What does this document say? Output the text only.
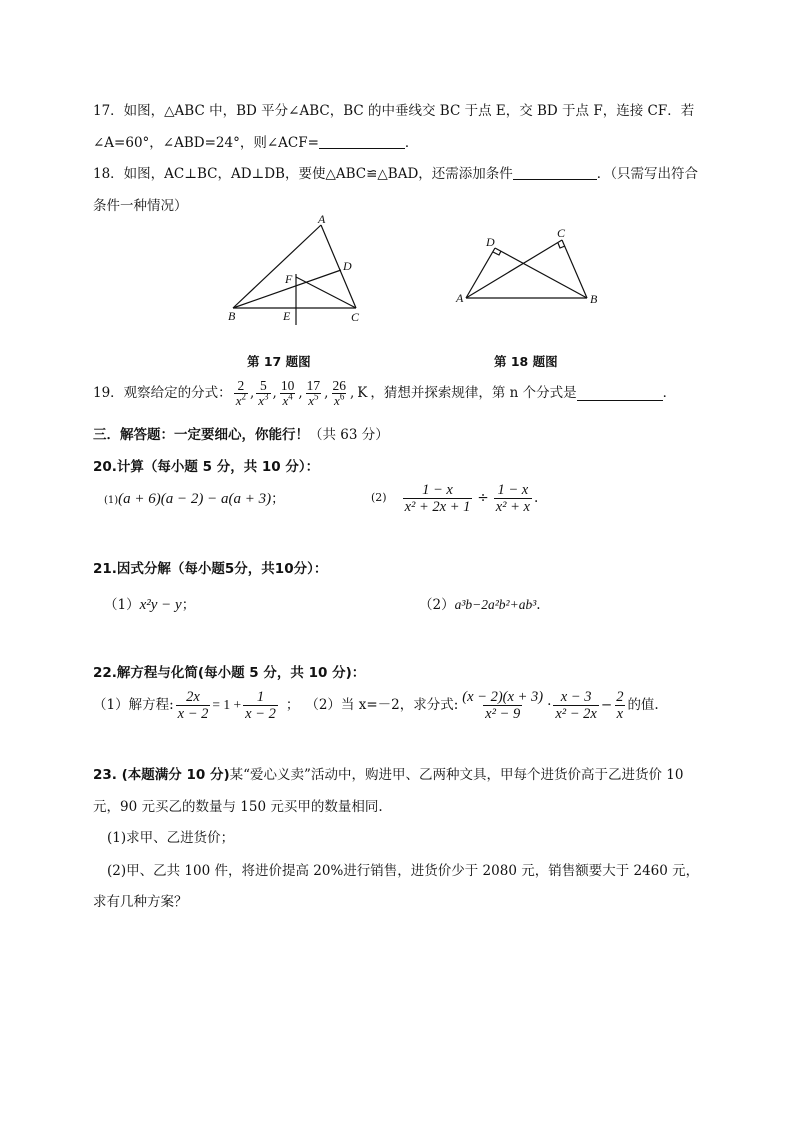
17．如图，△ABC 中，BD 平分∠ABC，BC 的中垂线交 BC 于点 E，交 BD 于点 F，连接 CF．若
∠A=60°，∠ABD=24°，则∠ACF=	．
18．如图，AC⊥BC，AD⊥DB，要使△ABC≌△BAD，还需添加条件	．（只需写出符合
条件一种情况）
A
B	C
D
E
F
第 17 题图
A	B
C
D
第 18 题图
19．观察给定的分式： $\frac{2}{x^2}$ , $\frac{5}{x^3}$ , $\frac{10}{x^4}$ , $\frac{17}{x^5}$ , $\frac{26}{x^6}$ , K ，猜想并探索规律，第 n 个分式是	．
三．解答题：一定要细心，你能行！（共 63 分）
20.计算（每小题 5 分，共 10 分）：
(1)(a + 6)(a − 2) − a(a + 3)；	$(2) \frac{1 - x}{\text{x² + 2x + 1}} \div \frac{1 - x}{\text{x² + x}}$ .
21.因式分解（每小题5分，共10分）：
（1）x²y − y；	（2）a³b−2a²b²+ab³.
22.解方程与化简(每小题 5 分，共 10 分)：
（1）解方程: $\frac{2x}{x - 2} = 1 + \frac{1}{x - 2}$ ； （2）当 x=－2，求分式: $\frac{(x - 2)(x + 3)}{\text{x² − 9}} \cdot \frac{x - 3}{\text{x² − 2x}} - \frac{2}{x}$ 的值.
23. (本题满分 10 分)某“爱心义卖”活动中，购进甲、乙两种文具，甲每个进货价高于乙进货价 10
元，90 元买乙的数量与 150 元买甲的数量相同.
(1)求甲、乙进货价；
(2)甲、乙共 100 件，将进价提高 20%进行销售，进货价少于 2080 元，销售额要大于 2460 元，
求有几种方案？
